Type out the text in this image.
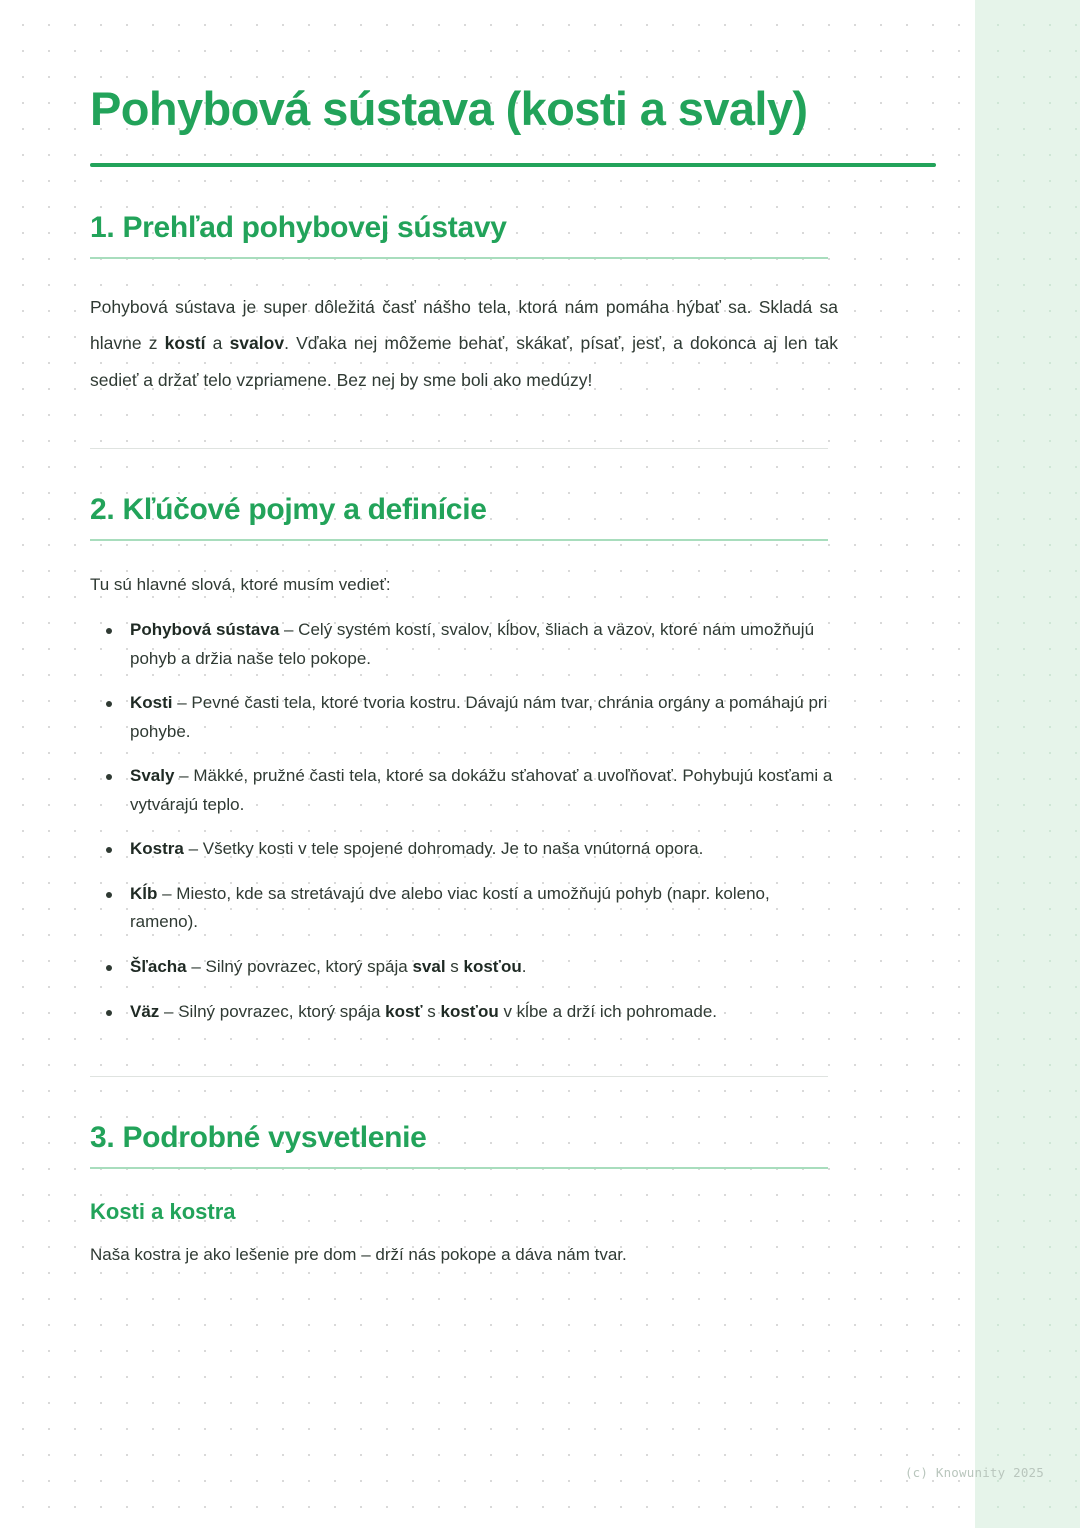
Pohybová sústava (kosti a svaly)
1. Prehľad pohybovej sústavy

Pohybová sústava je super dôležitá časť nášho tela, ktorá nám pomáha hýbať sa. Skladá sa hlavne z kostí a svalov. Vďaka nej môžeme behať, skákať, písať, jesť, a dokonca aj len tak sedieť a držať telo vzpriamene. Bez nej by sme boli ako medúzy!

2. Kľúčové pojmy a definície

Tu sú hlavné slová, ktoré musím vedieť:

Pohybová sústava – Celý systém kostí, svalov, kĺbov, šliach a väzov, ktoré nám umožňujú pohyb a držia naše telo pokope.
Kosti – Pevné časti tela, ktoré tvoria kostru. Dávajú nám tvar, chránia orgány a pomáhajú pri pohybe.
Svaly – Mäkké, pružné časti tela, ktoré sa dokážu sťahovať a uvoľňovať. Pohybujú kosťami a vytvárajú teplo.
Kostra – Všetky kosti v tele spojené dohromady. Je to naša vnútorná opora.
Kĺb – Miesto, kde sa stretávajú dve alebo viac kostí a umožňujú pohyb (napr. koleno, rameno).
Šľacha – Silný povrazec, ktorý spája sval s kosťou.
Väz – Silný povrazec, ktorý spája kosť s kosťou v kĺbe a drží ich pohromade.
3. Podrobné vysvetlenie
Kosti a kostra

Naša kostra je ako lešenie pre dom – drží nás pokope a dáva nám tvar.

(c) Knowunity 2025
